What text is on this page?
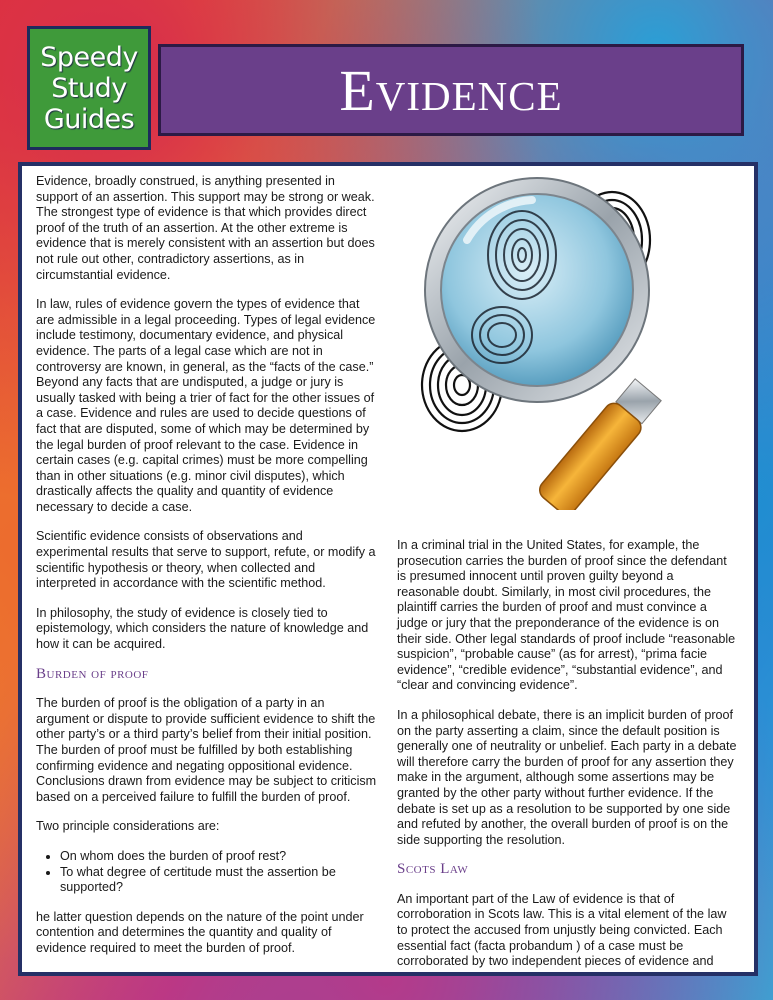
Speedy
Study
Guides	Evidence

Evidence, broadly construed, is anything presented in support of an assertion. This support may be strong or weak. The strongest type of evidence is that which provides direct proof of the truth of an assertion. At the other extreme is evidence that is merely consistent with an assertion but does not rule out other, contradictory assertions, as in circumstantial evidence.

In law, rules of evidence govern the types of evidence that are admissible in a legal proceeding. Types of legal evidence include testimony, documentary evidence, and physical evidence. The parts of a legal case which are not in controversy are known, in general, as the “facts of the case.” Beyond any facts that are undisputed, a judge or jury is usually tasked with being a trier of fact for the other issues of a case. Evidence and rules are used to decide questions of fact that are disputed, some of which may be determined by the legal burden of proof relevant to the case. Evidence in certain cases (e.g. capital crimes) must be more compelling than in other situations (e.g. minor civil disputes), which drastically affects the quality and quantity of evidence necessary to decide a case.

Scientific evidence consists of observations and experimental results that serve to support, refute, or modify a scientific hypothesis or theory, when collected and interpreted in accordance with the scientific method.

In philosophy, the study of evidence is closely tied to epistemology, which considers the nature of knowledge and how it can be acquired.

Burden of proof

The burden of proof is the obligation of a party in an argument or dispute to provide sufficient evidence to shift the other party’s or a third party’s belief from their initial position. The burden of proof must be fulfilled by both establishing confirming evidence and negating oppositional evidence. Conclusions drawn from evidence may be subject to criticism based on a perceived failure to fulfill the burden of proof.

Two principle considerations are:

• On whom does the burden of proof rest?
• To what degree of certitude must the assertion be supported?

he latter question depends on the nature of the point under contention and determines the quantity and quality of evidence required to meet the burden of proof.

In a criminal trial in the United States, for example, the prosecution carries the burden of proof since the defendant is presumed innocent until proven guilty beyond a reasonable doubt. Similarly, in most civil procedures, the plaintiff carries the burden of proof and must convince a judge or jury that the preponderance of the evidence is on their side. Other legal standards of proof include “reasonable suspicion”, “probable cause” (as for arrest), “prima facie evidence”, “credible evidence”, “substantial evidence”, and “clear and convincing evidence”.

In a philosophical debate, there is an implicit burden of proof on the party asserting a claim, since the default position is generally one of neutrality or unbelief. Each party in a debate will therefore carry the burden of proof for any assertion they make in the argument, although some assertions may be granted by the other party without further evidence. If the debate is set up as a resolution to be supported by one side and refuted by another, the overall burden of proof is on the side supporting the resolution.

Scots Law

An important part of the Law of evidence is that of corroboration in Scots law. This is a vital element of the law to protect the accused from unjustly being convicted. Each essential fact (facta probandum ) of a case must be corroborated by two independent pieces of evidence and
